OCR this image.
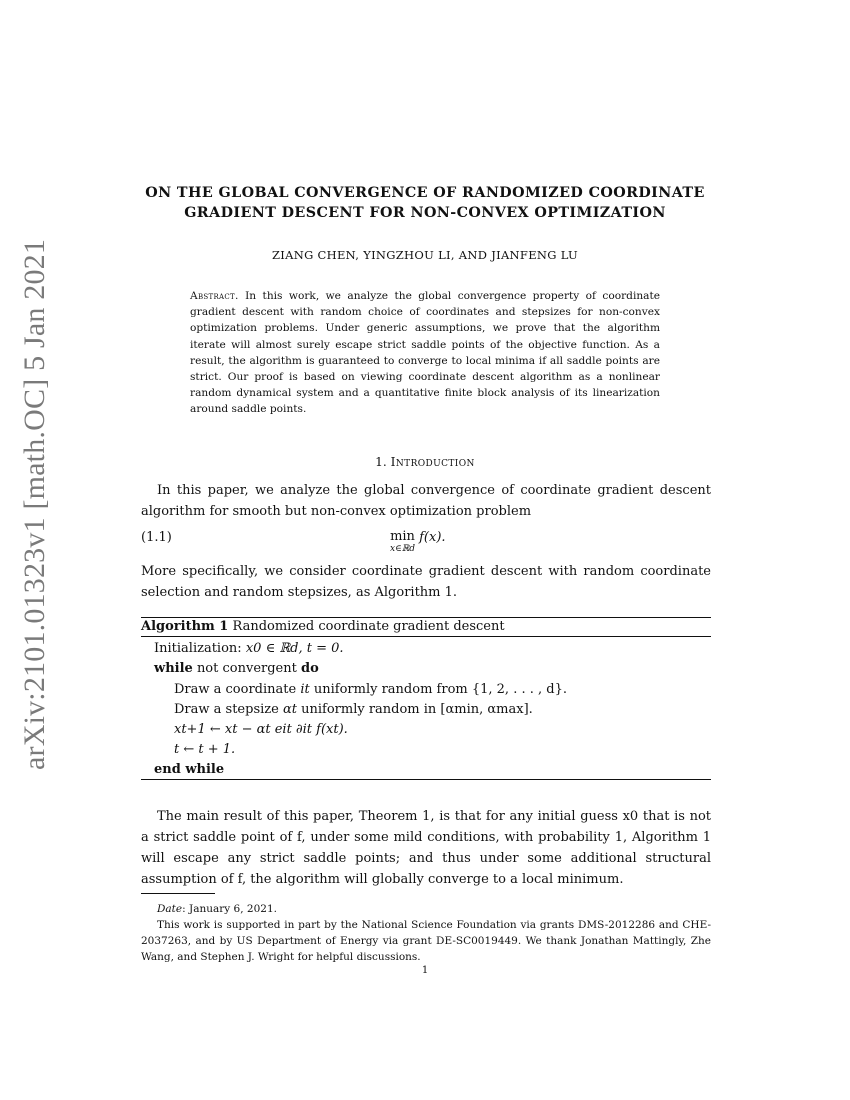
arXiv:2101.01323v1 [math.OC] 5 Jan 2021
ON THE GLOBAL CONVERGENCE OF RANDOMIZED COORDINATE
GRADIENT DESCENT FOR NON-CONVEX OPTIMIZATION
ZIANG CHEN, YINGZHOU LI, AND JIANFENG LU
Abstract. In this work, we analyze the global convergence property of coordinate gradient descent with random choice of coordinates and stepsizes for non-convex optimization problems. Under generic assumptions, we prove that the algorithm iterate will almost surely escape strict saddle points of the objective function. As a result, the algorithm is guaranteed to converge to local minima if all saddle points are strict. Our proof is based on viewing coordinate descent algorithm as a nonlinear random dynamical system and a quantitative finite block analysis of its linearization around saddle points.
1. Introduction
In this paper, we analyze the global convergence of coordinate gradient descent algorithm for smooth but non-convex optimization problem
(1.1)	min
x∈ℝd
f(x).
More specifically, we consider coordinate gradient descent with random coordinate selection and random stepsizes, as Algorithm 1.
Algorithm 1 Randomized coordinate gradient descent
Initialization: x0 ∈ ℝd, t = 0.
while not convergent do
Draw a coordinate it uniformly random from {1, 2, . . . , d}.
Draw a stepsize αt uniformly random in [αmin, αmax].
xt+1 ← xt − αt eit ∂it f(xt).
t ← t + 1.
end while
The main result of this paper, Theorem 1, is that for any initial guess x0 that is not a strict saddle point of f, under some mild conditions, with probability 1, Algorithm 1 will escape any strict saddle points; and thus under some additional structural assumption of f, the algorithm will globally converge to a local minimum.
Date: January 6, 2021.
This work is supported in part by the National Science Foundation via grants DMS-2012286 and CHE-2037263, and by US Department of Energy via grant DE-SC0019449. We thank Jonathan Mattingly, Zhe Wang, and Stephen J. Wright for helpful discussions.
1
